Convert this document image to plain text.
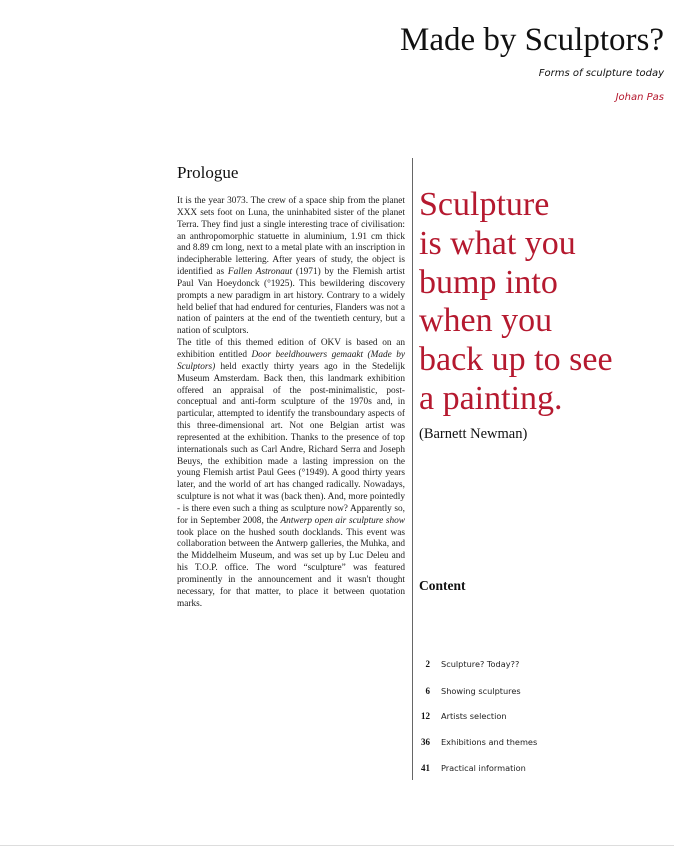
Made by Sculptors?
Forms of sculpture today
Johan Pas
Prologue

It is the year 3073. The crew of a space ship from the planet XXX sets foot on Luna, the uninhabited sister of the planet Terra. They find just a single interesting trace of civilisation: an anthropomorphic statuette in aluminium, 1.91 cm thick and 8.89 cm long, next to a metal plate with an inscription in indecipherable lettering. After years of study, the object is identified as Fallen Astronaut (1971) by the Flemish artist Paul Van Hoeydonck (°1925). This bewildering discovery prompts a new paradigm in art history. Contrary to a widely held belief that had endured for centuries, Flanders was not a nation of painters at the end of the twentieth century, but a nation of sculptors.

The title of this themed edition of OKV is based on an exhibition entitled Door beeldhouwers gemaakt (Made by Sculptors) held exactly thirty years ago in the Stedelijk Museum Amsterdam. Back then, this landmark exhibition offered an appraisal of the post-minimalistic, post-conceptual and anti-form sculpture of the 1970s and, in particular, attempted to identify the transboundary aspects of this three-dimensional art. Not one Belgian artist was represented at the exhibition. Thanks to the presence of top internationals such as Carl Andre, Richard Serra and Joseph Beuys, the exhibition made a lasting impression on the young Flemish artist Paul Gees (°1949). A good thirty years later, and the world of art has changed radically. Nowadays, sculpture is not what it was (back then). And, more pointedly - is there even such a thing as sculpture now? Apparently so, for in September 2008, the Antwerp open air sculpture show took place on the hushed south docklands. This event was collaboration between the Antwerp galleries, the Muhka, and the Middelheim Museum, and was set up by Luc Deleu and his T.O.P. office. The word “sculpture” was featured prominently in the announcement and it wasn't thought necessary, for that matter, to place it between quotation marks.

Sculpture
is what you
bump into
when you
back up to see
a painting.
(Barnett Newman)
Content
2 Sculpture? Today??
6 Showing sculptures
12 Artists selection
36 Exhibitions and themes
41 Practical information
